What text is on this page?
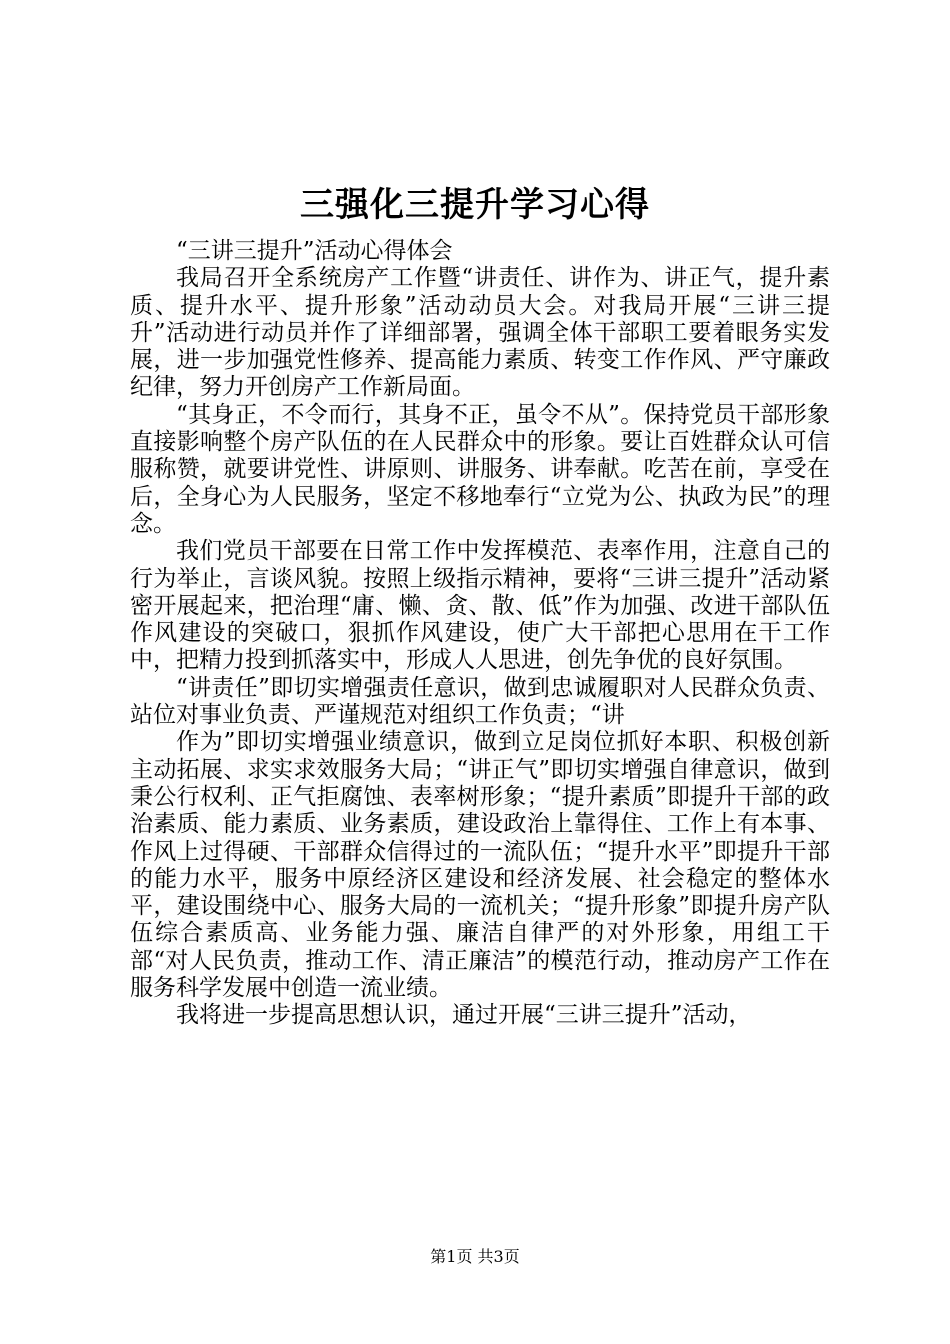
三强化三提升学习心得

“三讲三提升”活动心得体会

我局召开全系统房产工作暨“讲责任、讲作为、讲正气，提升素质、提升水平、提升形象”活动动员大会。对我局开展“三讲三提升”活动进行动员并作了详细部署，强调全体干部职工要着眼务实发展，进一步加强党性修养、提高能力素质、转变工作作风、严守廉政纪律，努力开创房产工作新局面。

“其身正，不令而行，其身不正，虽令不从”。保持党员干部形象直接影响整个房产队伍的在人民群众中的形象。要让百姓群众认可信服称赞，就要讲党性、讲原则、讲服务、讲奉献。吃苦在前，享受在后，全身心为人民服务，坚定不移地奉行“立党为公、执政为民”的理念。

我们党员干部要在日常工作中发挥模范、表率作用，注意自己的行为举止，言谈风貌。按照上级指示精神，要将“三讲三提升”活动紧密开展起来，把治理“庸、懒、贪、散、低”作为加强、改进干部队伍作风建设的突破口，狠抓作风建设，使广大干部把心思用在干工作中，把精力投到抓落实中，形成人人思进，创先争优的良好氛围。

“讲责任”即切实增强责任意识，做到忠诚履职对人民群众负责、站位对事业负责、严谨规范对组织工作负责；“讲

作为”即切实增强业绩意识，做到立足岗位抓好本职、积极创新主动拓展、求实求效服务大局；“讲正气”即切实增强自律意识，做到秉公行权利、正气拒腐蚀、表率树形象；“提升素质”即提升干部的政治素质、能力素质、业务素质，建设政治上靠得住、工作上有本事、作风上过得硬、干部群众信得过的一流队伍；“提升水平”即提升干部的能力水平，服务中原经济区建设和经济发展、社会稳定的整体水平，建设围绕中心、服务大局的一流机关；“提升形象”即提升房产队伍综合素质高、业务能力强、廉洁自律严的对外形象，用组工干部“对人民负责，推动工作、清正廉洁”的模范行动，推动房产工作在服务科学发展中创造一流业绩。

我将进一步提高思想认识，通过开展“三讲三提升”活动，

第1页 共3页
